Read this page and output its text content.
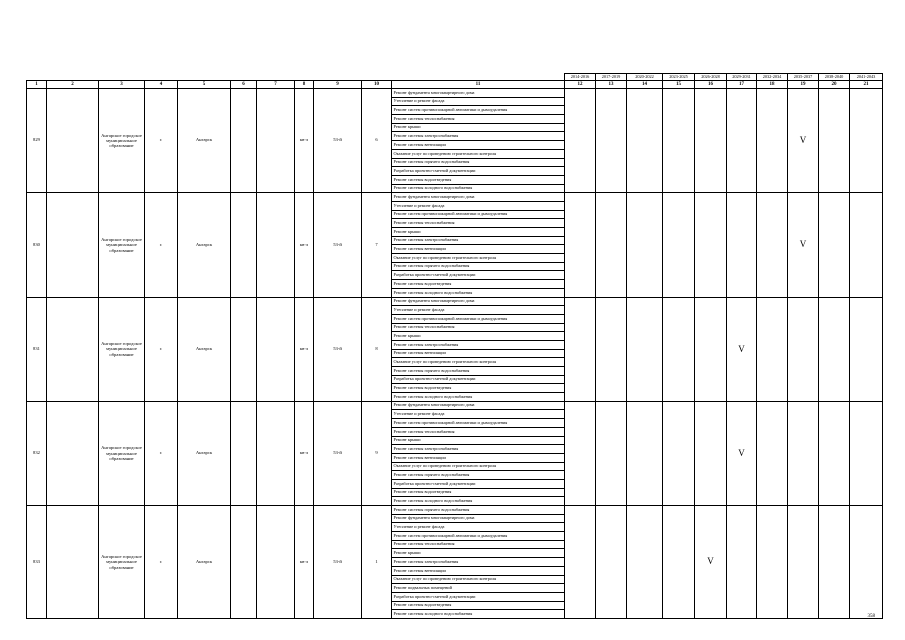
											2014-2016	2017-2019	2020-2022	2023-2025	2026-2028	2029-2031	2032-2034	2035-2037	2038-2040	2041-2043
1	2	3	4	5	6	7	8	9	10	11	12	13	14	15	16	17	18	19	20	21
829		Ангарское городское муниципальное образование	г.	Ангарск			кв-л	53-й	6	Ремонт фундамента многоквартирного дома								V		
										Утепление и ремонт фасада										
										Ремонт систем противопожарной автоматики и дымоудаления										
										Ремонт системы теплоснабжения										
										Ремонт крыши										
										Ремонт системы электроснабжения										
										Ремонт системы вентиляции										
										Оказание услуг по проведению строительного контроля										
										Ремонт системы горячего водоснабжения										
										Разработка проектно-сметной документации										
										Ремонт системы водоотведения										
										Ремонт системы холодного водоснабжения										
830		Ангарское городское муниципальное образование	г.	Ангарск			кв-л	53-й	7	Ремонт фундамента многоквартирного дома								V		
										Утепление и ремонт фасада										
										Ремонт систем противопожарной автоматики и дымоудаления										
										Ремонт системы теплоснабжения										
										Ремонт крыши										
										Ремонт системы электроснабжения										
										Ремонт системы вентиляции										
										Оказание услуг по проведению строительного контроля										
										Ремонт системы горячего водоснабжения										
										Разработка проектно-сметной документации										
										Ремонт системы водоотведения										
										Ремонт системы холодного водоснабжения										
831		Ангарское городское муниципальное образование	г.	Ангарск			кв-л	53-й	8	Ремонт фундамента многоквартирного дома						V				
										Утепление и ремонт фасада										
										Ремонт систем противопожарной автоматики и дымоудаления										
										Ремонт системы теплоснабжения										
										Ремонт крыши										
										Ремонт системы электроснабжения										
										Ремонт системы вентиляции										
										Оказание услуг по проведению строительного контроля										
										Ремонт системы горячего водоснабжения										
										Разработка проектно-сметной документации										
										Ремонт системы водоотведения										
										Ремонт системы холодного водоснабжения										
832		Ангарское городское муниципальное образование	г.	Ангарск			кв-л	53-й	9	Ремонт фундамента многоквартирного дома						V				
										Утепление и ремонт фасада										
										Ремонт систем противопожарной автоматики и дымоудаления										
										Ремонт системы теплоснабжения										
										Ремонт крыши										
										Ремонт системы электроснабжения										
										Ремонт системы вентиляции										
										Оказание услуг по проведению строительного контроля										
										Ремонт системы горячего водоснабжения										
										Разработка проектно-сметной документации										
										Ремонт системы водоотведения										
										Ремонт системы холодного водоснабжения										
833		Ангарское городское муниципальное образование	г.	Ангарск			кв-л	53-й	1	Ремонт системы горячего водоснабжения					V					
										Ремонт фундамента многоквартирного дома										
										Утепление и ремонт фасада										
										Ремонт систем противопожарной автоматики и дымоудаления										
										Ремонт системы теплоснабжения										
										Ремонт крыши										
										Ремонт системы электроснабжения										
										Ремонт системы вентиляции										
										Оказание услуг по проведению строительного контроля										
										Ремонт подвальных помещений										
										Разработка проектно-сметной документации										
										Ремонт системы водоотведения										
										Ремонт системы холодного водоснабжения										
358
